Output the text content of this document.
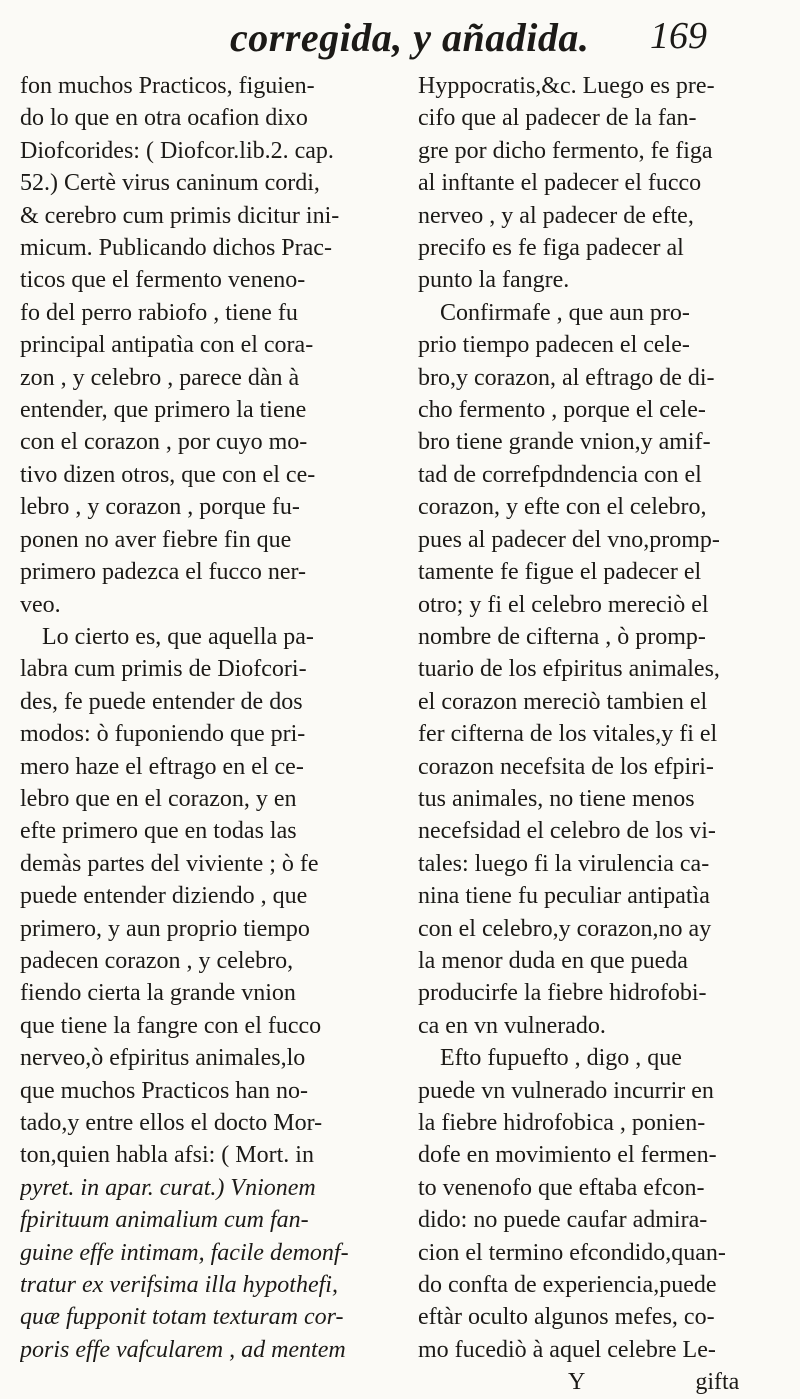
corregida, y añadida. 169
fon muchos Practicos, figuien-
do lo que en otra ocafion dixo
Diofcorides: ( Diofcor.lib.2. cap.
52.) Certè virus caninum cordi,
& cerebro cum primis dicitur ini-
micum. Publicando dichos Prac-
ticos que el fermento veneno-
fo del perro rabiofo , tiene fu
principal antipatìa con el cora-
zon , y celebro , parece dàn à
entender, que primero la tiene
con el corazon , por cuyo mo-
tivo dizen otros, que con el ce-
lebro , y corazon , porque fu-
ponen no aver fiebre fin que
primero padezca el fucco ner-
veo.
Lo cierto es, que aquella pa-
labra cum primis de Diofcori-
des, fe puede entender de dos
modos: ò fuponiendo que pri-
mero haze el eftrago en el ce-
lebro que en el corazon, y en
efte primero que en todas las
demàs partes del viviente ; ò fe
puede entender diziendo , que
primero, y aun proprio tiempo
padecen corazon , y celebro,
fiendo cierta la grande vnion
que tiene la fangre con el fucco
nerveo,ò efpiritus animales,lo
que muchos Practicos han no-
tado,y entre ellos el docto Mor-
ton,quien habla afsi: ( Mort. in
pyret. in apar. curat.) Vnionem
fpirituum animalium cum fan-
guine effe intimam, facile demonf-
tratur ex verifsima illa hypothefi,
quæ fupponit totam texturam cor-
poris effe vafcularem , ad mentem
Hyppocratis,&c. Luego es pre-
cifo que al padecer de la fan-
gre por dicho fermento, fe figa
al inftante el padecer el fucco
nerveo , y al padecer de efte,
precifo es fe figa padecer al
punto la fangre.
Confirmafe , que aun pro-
prio tiempo padecen el cele-
bro,y corazon, al eftrago de di-
cho fermento , porque el cele-
bro tiene grande vnion,y amif-
tad de correfpdndencia con el
corazon, y efte con el celebro,
pues al padecer del vno,promp-
tamente fe figue el padecer el
otro; y fi el celebro mereciò el
nombre de cifterna , ò promp-
tuario de los efpiritus animales,
el corazon mereciò tambien el
fer cifterna de los vitales,y fi el
corazon necefsita de los efpiri-
tus animales, no tiene menos
necefsidad el celebro de los vi-
tales: luego fi la virulencia ca-
nina tiene fu peculiar antipatìa
con el celebro,y corazon,no ay
la menor duda en que pueda
producirfe la fiebre hidrofobi-
ca en vn vulnerado.
Efto fupuefto , digo , que
puede vn vulnerado incurrir en
la fiebre hidrofobica , ponien-
dofe en movimiento el fermen-
to venenofo que eftaba efcon-
dido: no puede caufar admira-
cion el termino efcondido,quan-
do confta de experiencia,puede
eftàr oculto algunos mefes, co-
mo fucediò à aquel celebre Le-
Y	gifta
